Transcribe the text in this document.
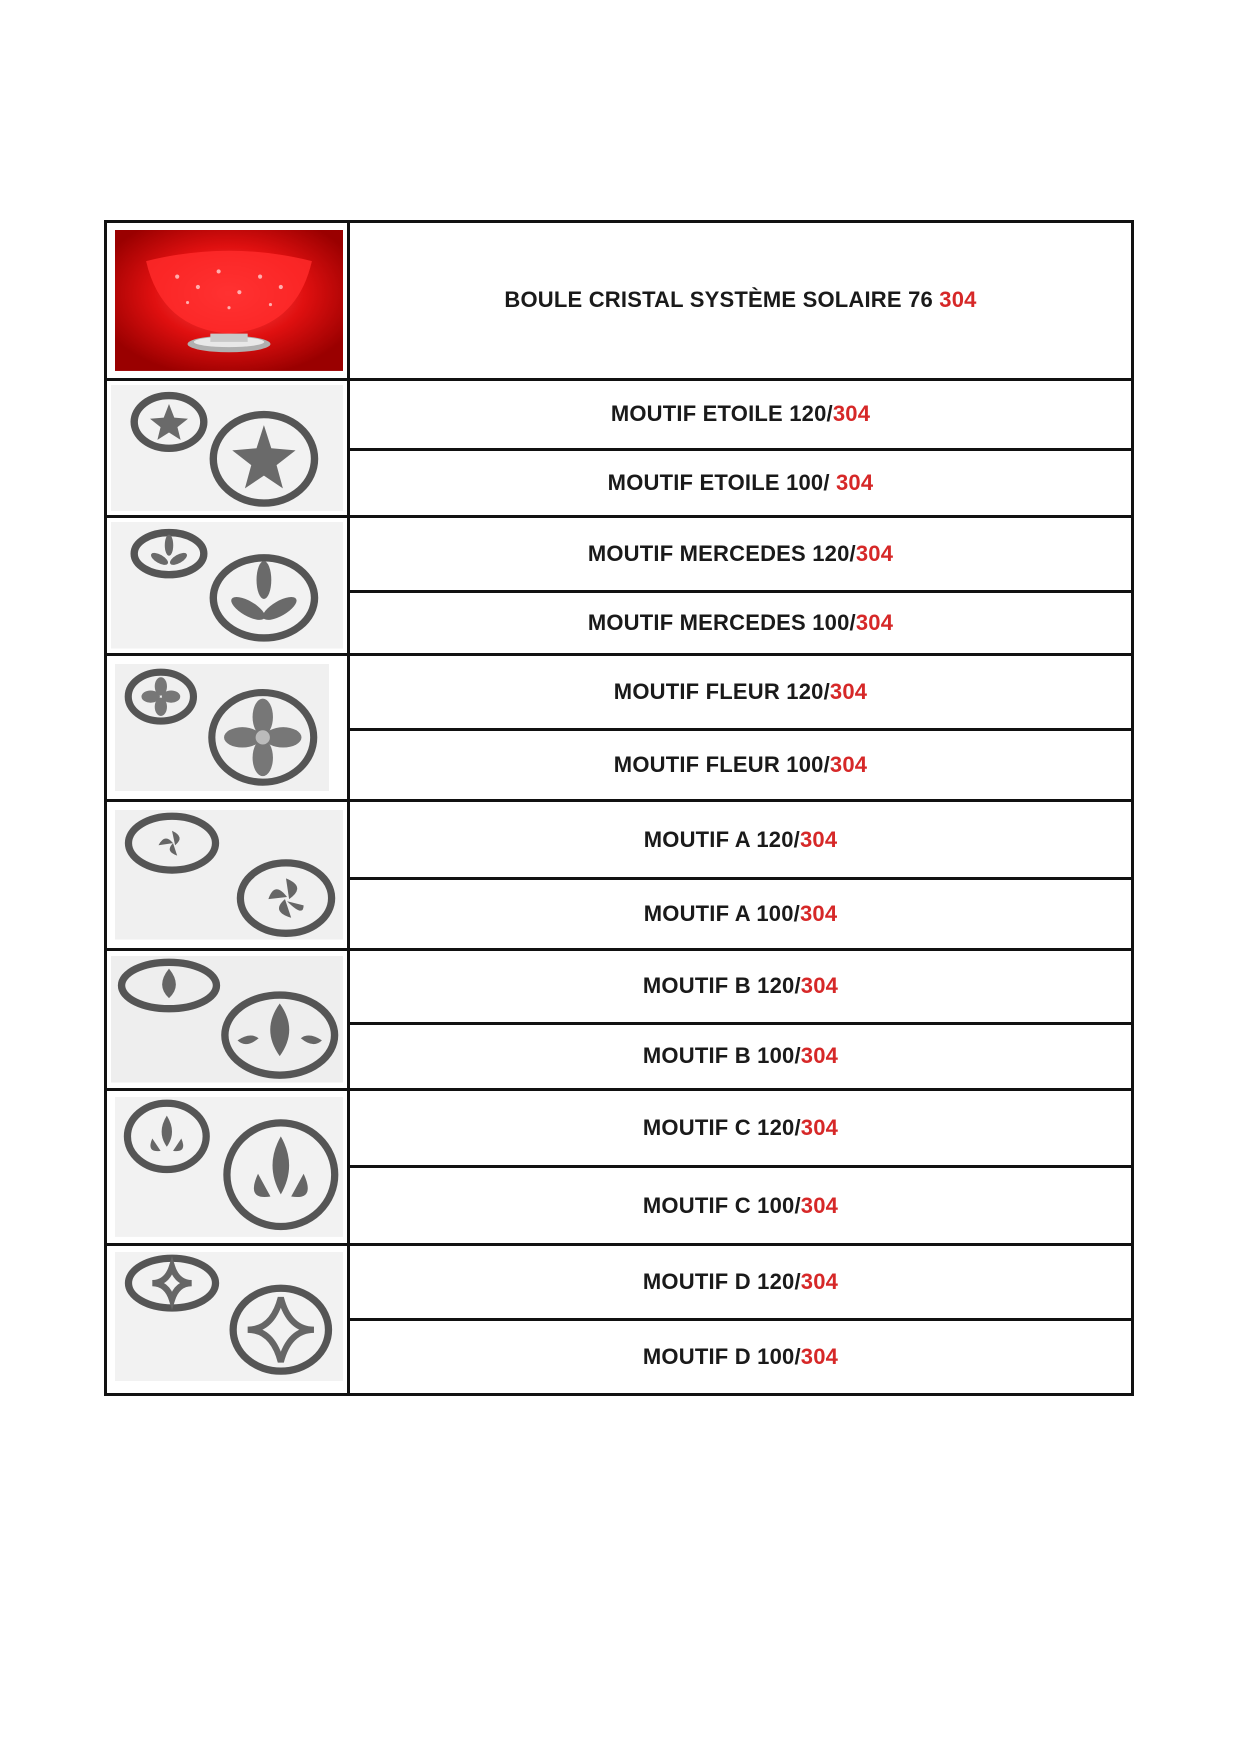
	BOULE CRISTAL SYSTÈME SOLAIRE 76 304

	MOUTIF ETOILE 120/304
	MOUTIF ETOILE 100/ 304

	MOUTIF MERCEDES 120/304
	MOUTIF MERCEDES 100/304

	MOUTIF FLEUR 120/304
	MOUTIF FLEUR 100/304

	MOUTIF A 120/304
	MOUTIF A 100/304

	MOUTIF B 120/304
	MOUTIF B 100/304

	MOUTIF C 120/304
	MOUTIF C 100/304

	MOUTIF D 120/304
	MOUTIF D 100/304
